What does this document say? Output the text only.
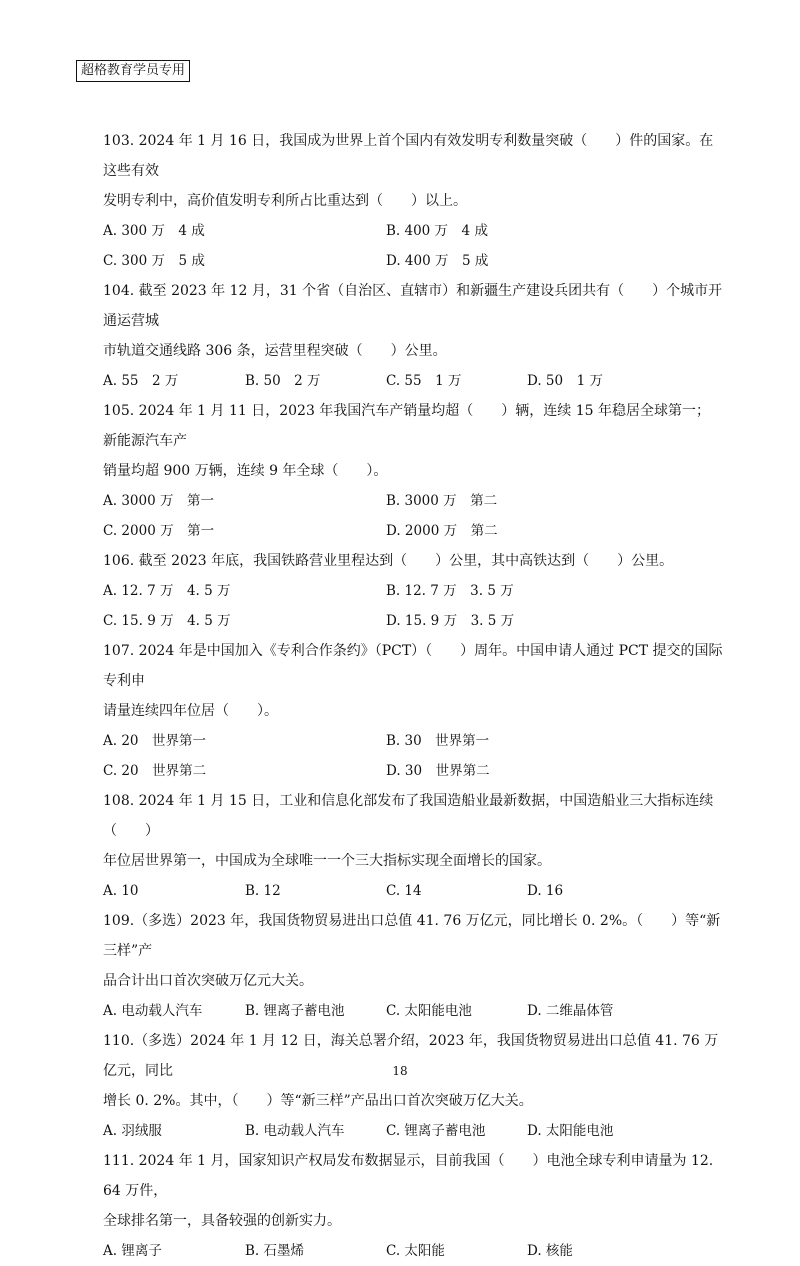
超格教育学员专用

103. 2024 年 1 月 16 日，我国成为世界上首个国内有效发明专利数量突破（　　）件的国家。在这些有效

发明专利中，高价值发明专利所占比重达到（　　）以上。

A. 300 万　4 成	B. 400 万　4 成
C. 300 万　5 成	D. 400 万　5 成

104. 截至 2023 年 12 月，31 个省（自治区、直辖市）和新疆生产建设兵团共有（　　）个城市开通运营城

市轨道交通线路 306 条，运营里程突破（　　）公里。

A. 55　2 万	B. 50　2 万	C. 55　1 万	D. 50　1 万

105. 2024 年 1 月 11 日，2023 年我国汽车产销量均超（　　）辆，连续 15 年稳居全球第一；新能源汽车产

销量均超 900 万辆，连续 9 年全球（　　）。

A. 3000 万　第一	B. 3000 万　第二
C. 2000 万　第一	D. 2000 万　第二

106. 截至 2023 年底，我国铁路营业里程达到（　　）公里，其中高铁达到（　　）公里。

A. 12. 7 万　4. 5 万	B. 12. 7 万　3. 5 万
C. 15. 9 万　4. 5 万	D. 15. 9 万　3. 5 万

107. 2024 年是中国加入《专利合作条约》（PCT）（　　）周年。中国申请人通过 PCT 提交的国际专利申

请量连续四年位居（　　）。

A. 20　世界第一	B. 30　世界第一
C. 20　世界第二	D. 30　世界第二

108. 2024 年 1 月 15 日，工业和信息化部发布了我国造船业最新数据，中国造船业三大指标连续（　　）

年位居世界第一，中国成为全球唯一一个三大指标实现全面增长的国家。

A. 10	B. 12	C. 14	D. 16

109.（多选）2023 年，我国货物贸易进出口总值 41. 76 万亿元，同比增长 0. 2%。（　　）等“新三样”产

品合计出口首次突破万亿元大关。

A. 电动载人汽车	B. 锂离子蓄电池	C. 太阳能电池	D. 二维晶体管

110.（多选）2024 年 1 月 12 日，海关总署介绍，2023 年，我国货物贸易进出口总值 41. 76 万亿元，同比

增长 0. 2%。其中，（　　）等“新三样”产品出口首次突破万亿大关。

A. 羽绒服	B. 电动载人汽车	C. 锂离子蓄电池	D. 太阳能电池

111. 2024 年 1 月，国家知识产权局发布数据显示，目前我国（　　）电池全球专利申请量为 12. 64 万件，

全球排名第一，具备较强的创新实力。

A. 锂离子	B. 石墨烯	C. 太阳能	D. 核能
18
